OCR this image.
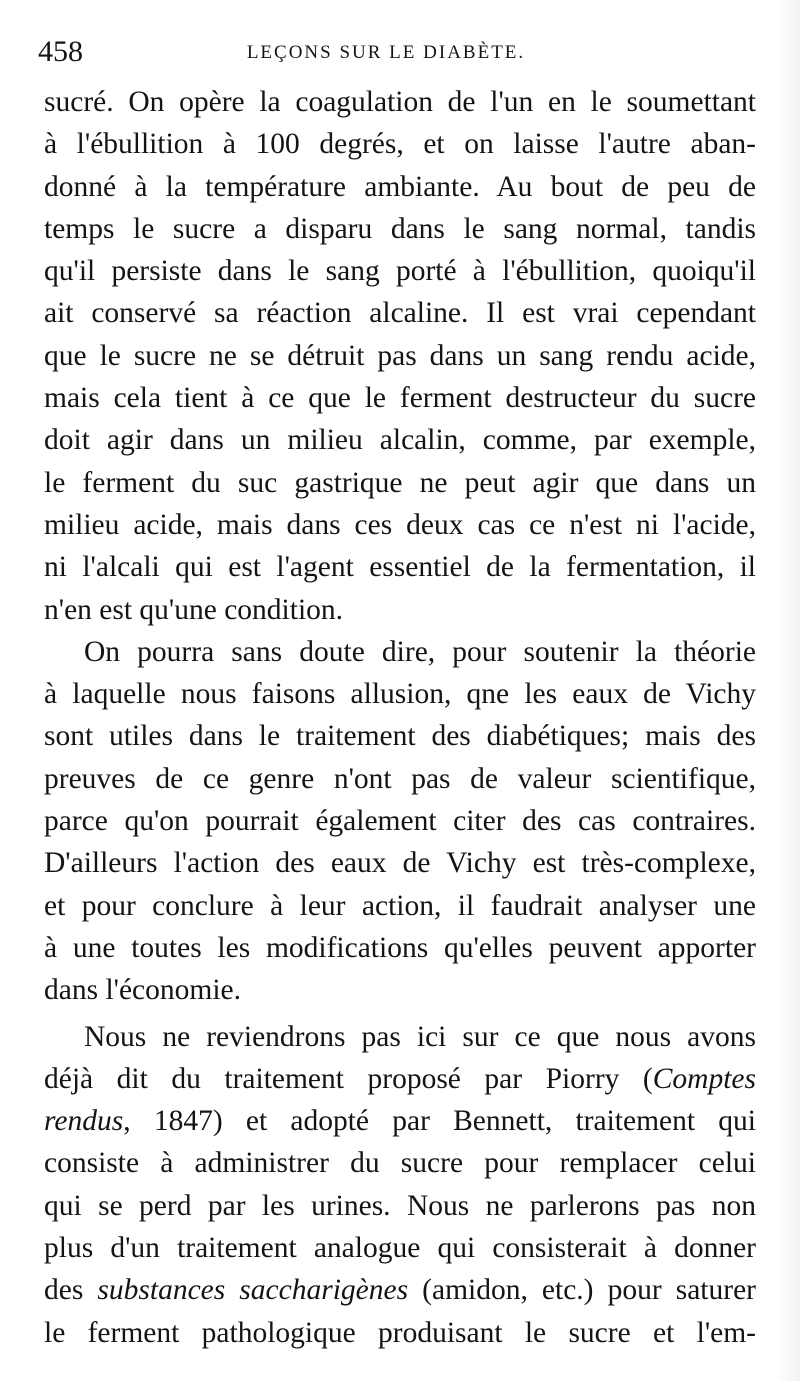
458	LEÇONS SUR LE DIABÈTE.
sucré. On opère la coagulation de l'un en le soumettant
à l'ébullition à 100 degrés, et on laisse l'autre aban-
donné à la température ambiante. Au bout de peu de
temps le sucre a disparu dans le sang normal, tandis
qu'il persiste dans le sang porté à l'ébullition, quoiqu'il
ait conservé sa réaction alcaline. Il est vrai cependant
que le sucre ne se détruit pas dans un sang rendu acide,
mais cela tient à ce que le ferment destructeur du sucre
doit agir dans un milieu alcalin, comme, par exemple,
le ferment du suc gastrique ne peut agir que dans un
milieu acide, mais dans ces deux cas ce n'est ni l'acide,
ni l'alcali qui est l'agent essentiel de la fermentation, il
n'en est qu'une condition.
On pourra sans doute dire, pour soutenir la théorie
à laquelle nous faisons allusion, qne les eaux de Vichy
sont utiles dans le traitement des diabétiques; mais des
preuves de ce genre n'ont pas de valeur scientifique,
parce qu'on pourrait également citer des cas contraires.
D'ailleurs l'action des eaux de Vichy est très-complexe,
et pour conclure à leur action, il faudrait analyser une
à une toutes les modifications qu'elles peuvent apporter
dans l'économie.
Nous ne reviendrons pas ici sur ce que nous avons
déjà dit du traitement proposé par Piorry (Comptes
rendus, 1847) et adopté par Bennett, traitement qui
consiste à administrer du sucre pour remplacer celui
qui se perd par les urines. Nous ne parlerons pas non
plus d'un traitement analogue qui consisterait à donner
des substances saccharigènes (amidon, etc.) pour saturer
le ferment pathologique produisant le sucre et l'em-
